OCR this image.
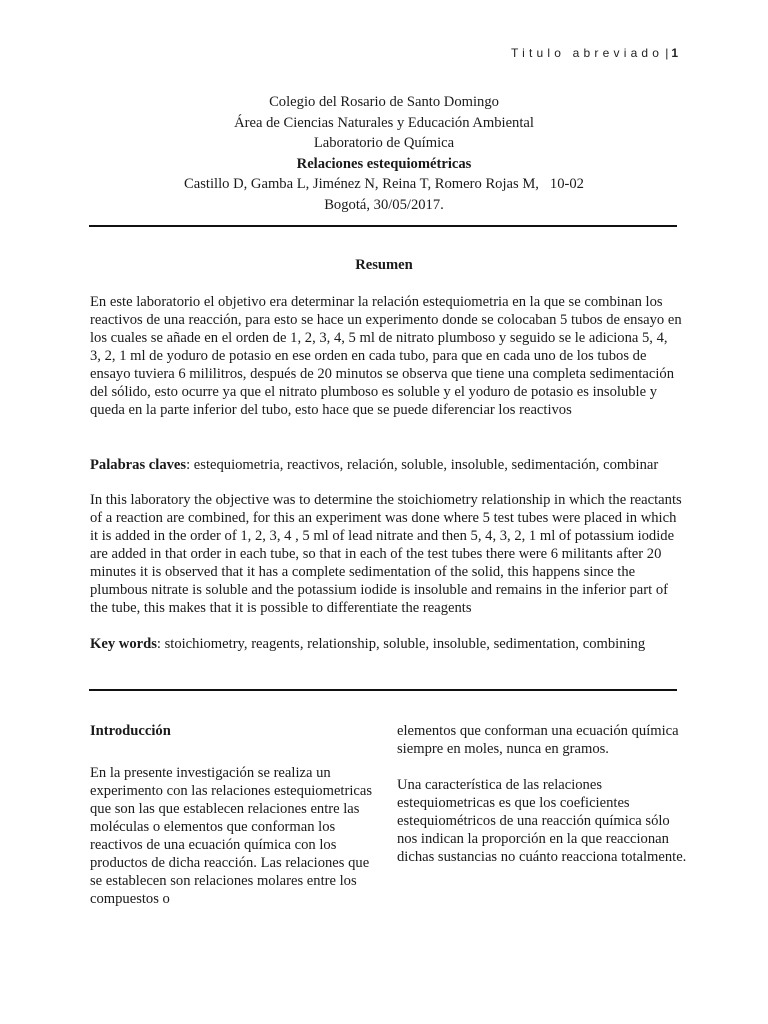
Titulo abreviado | 1
Colegio del Rosario de Santo Domingo
Área de Ciencias Naturales y Educación Ambiental
Laboratorio de Química
Relaciones estequiométricas
Castillo D, Gamba L, Jiménez N, Reina T, Romero Rojas M,   10-02
Bogotá, 30/05/2017.
Resumen

En este laboratorio el objetivo era determinar la relación estequiometria en la que se combinan los reactivos de una reacción, para esto se hace un experimento donde se colocaban 5 tubos de ensayo en los cuales se añade en el orden de 1, 2, 3, 4, 5 ml de nitrato plumboso y seguido se le adiciona 5, 4, 3, 2, 1 ml de yoduro de potasio en ese orden en cada tubo, para que en cada uno de los tubos de ensayo tuviera 6 mililitros, después de 20 minutos se observa que tiene una completa sedimentación del sólido, esto ocurre ya que el nitrato plumboso es soluble y el yoduro de potasio es insoluble y queda en la parte inferior del tubo, esto hace que se puede diferenciar los reactivos

Palabras claves: estequiometria, reactivos, relación, soluble, insoluble, sedimentación, combinar

In this laboratory the objective was to determine the stoichiometry relationship in which the reactants of a reaction are combined, for this an experiment was done where 5 test tubes were placed in which it is added in the order of 1, 2, 3, 4 , 5 ml of lead nitrate and then 5, 4, 3, 2, 1 ml of potassium iodide are added in that order in each tube, so that in each of the test tubes there were 6 militants after 20 minutes it is observed that it has a complete sedimentation of the solid, this happens since the plumbous nitrate is soluble and the potassium iodide is insoluble and remains in the inferior part of the tube, this makes that it is possible to differentiate the reagents

Key words: stoichiometry, reagents, relationship, soluble, insoluble, sedimentation, combining

Introducción

En la presente investigación se realiza un experimento con las relaciones estequiometricas que son las que establecen relaciones entre las moléculas o elementos que conforman los reactivos de una ecuación química con los productos de dicha reacción. Las relaciones que se establecen son relaciones molares entre los compuestos o

elementos que conforman una ecuación química siempre en moles, nunca en gramos.

Una característica de las relaciones estequiometricas es que los coeficientes estequiométricos de una reacción química sólo nos indican la proporción en la que reaccionan dichas sustancias no cuánto reacciona totalmente.
